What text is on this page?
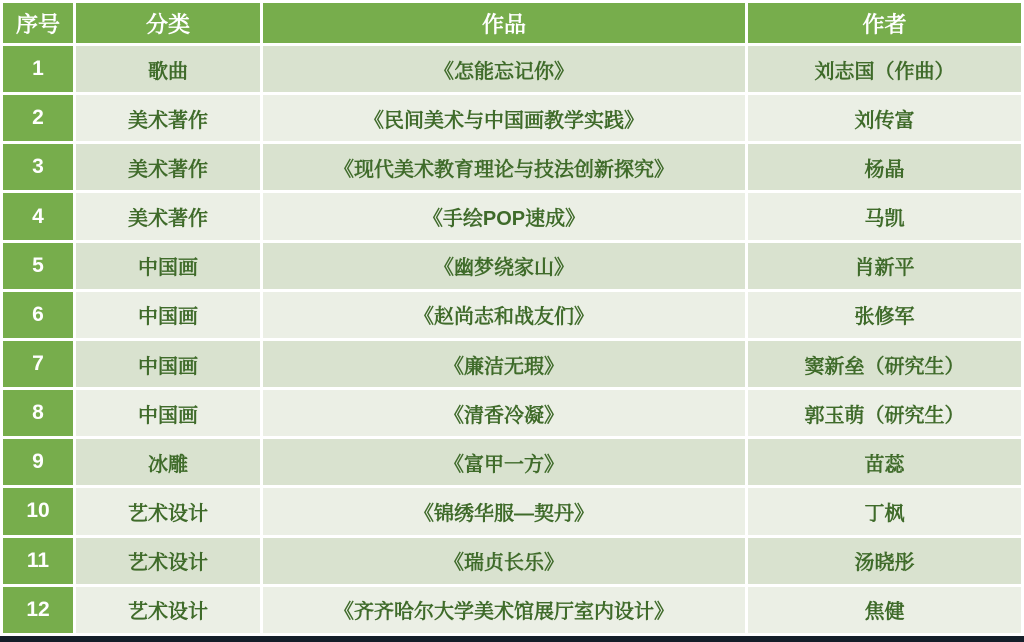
序号	分类	作品	作者
1	歌曲	《怎能忘记你》	刘志国（作曲）
2	美术著作	《民间美术与中国画教学实践》	刘传富
3	美术著作	《现代美术教育理论与技法创新探究》	杨晶
4	美术著作	《手绘POP速成》	马凯
5	中国画	《幽梦绕家山》	肖新平
6	中国画	《赵尚志和战友们》	张修军
7	中国画	《廉洁无瑕》	窦新垒（研究生）
8	中国画	《清香冷凝》	郭玉萌（研究生）
9	冰雕	《富甲一方》	苗蕊
10	艺术设计	《锦绣华服—契丹》	丁枫
11	艺术设计	《瑞贞长乐》	汤晓彤
12	艺术设计	《齐齐哈尔大学美术馆展厅室内设计》	焦健
